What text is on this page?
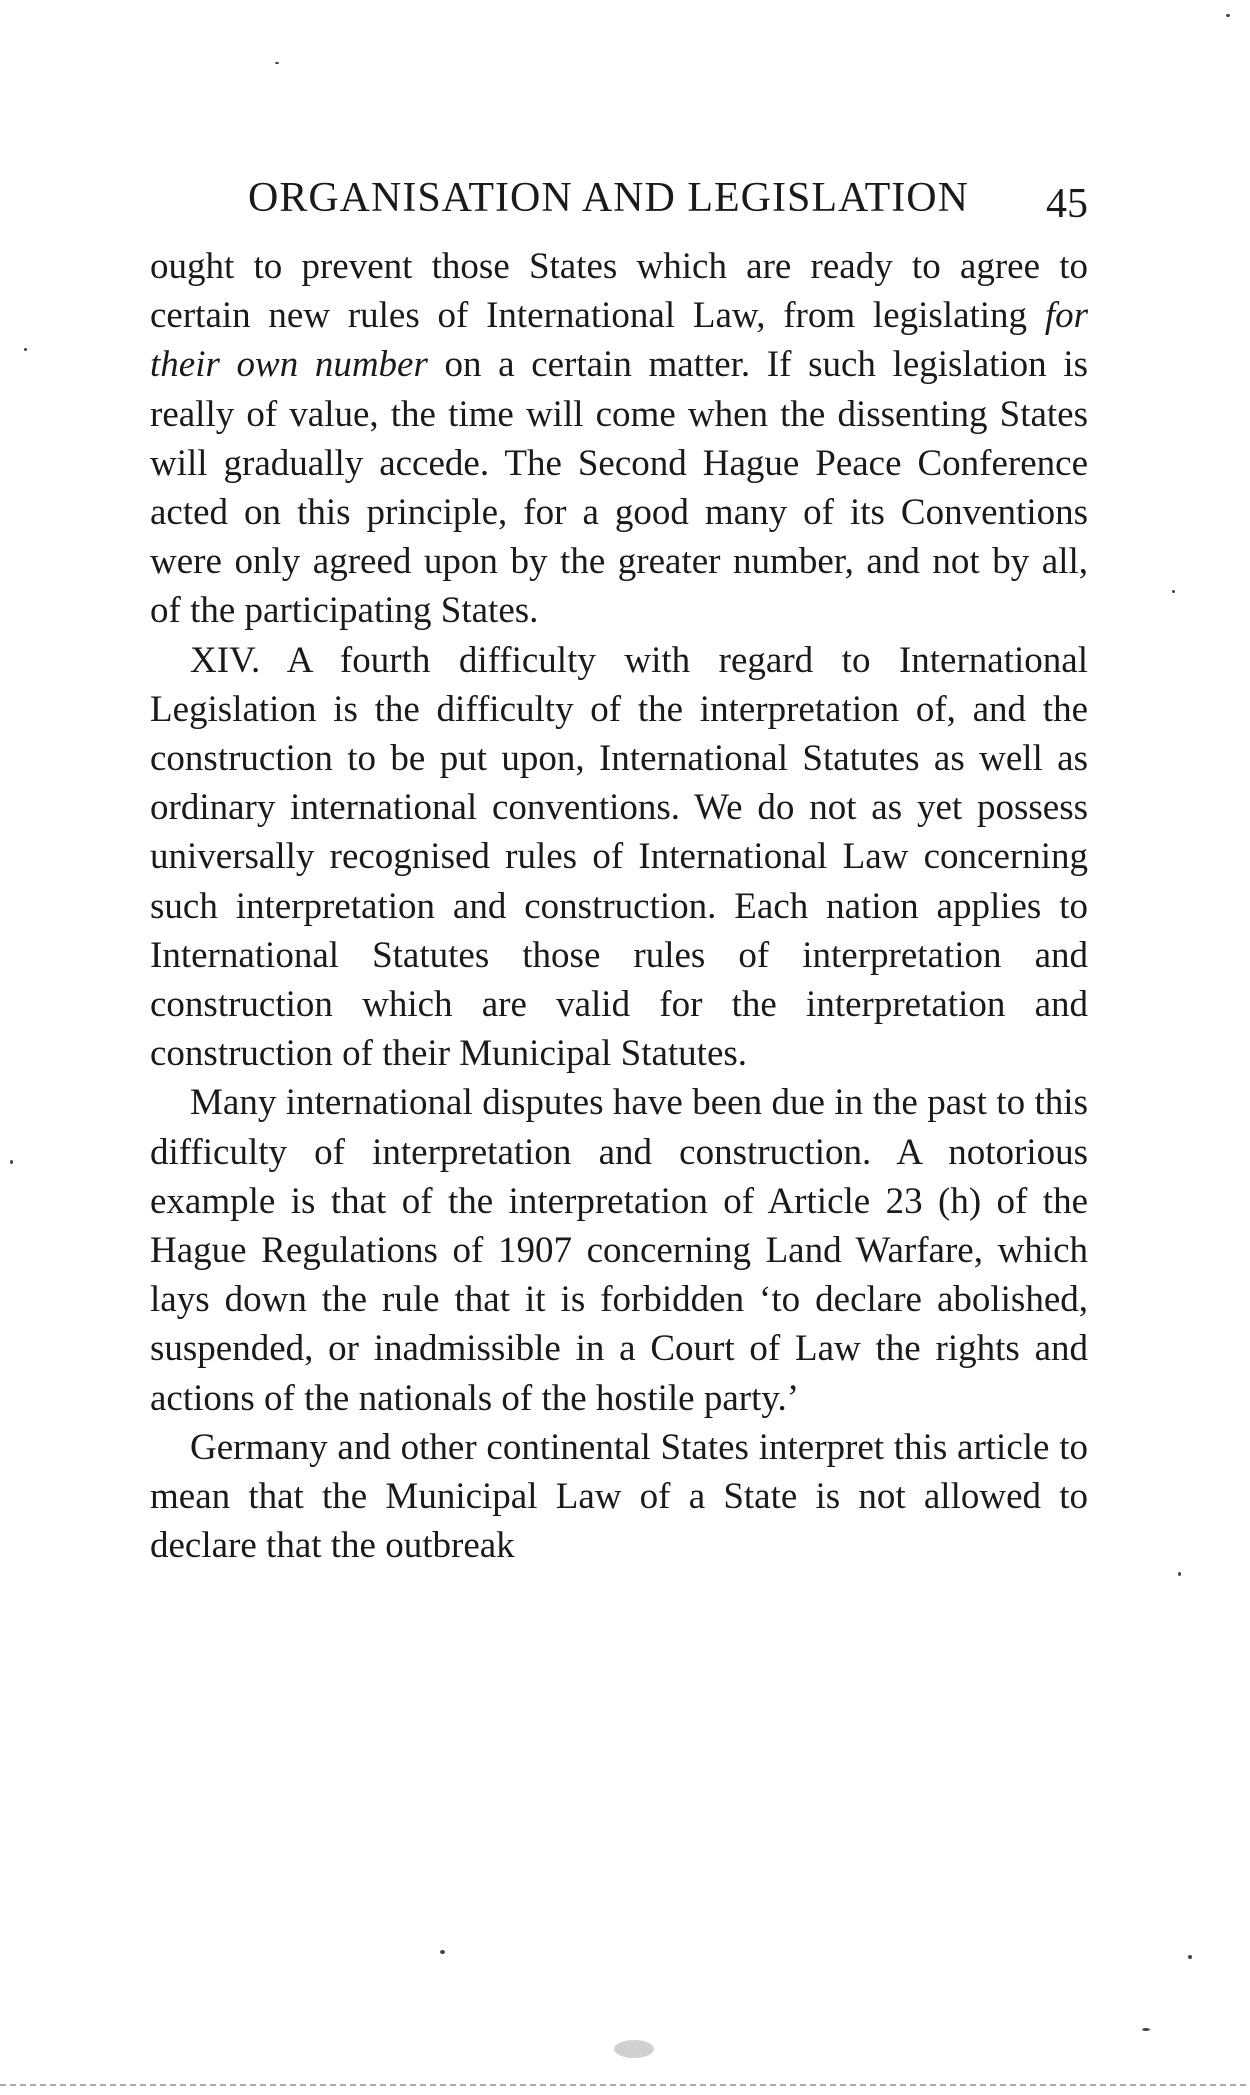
ORGANISATION AND LEGISLATION 45

ought to prevent those States which are ready to agree to certain new rules of International Law, from legislating for their own number on a certain matter. If such legislation is really of value, the time will come when the dissenting States will gradually accede. The Second Hague Peace Conference acted on this principle, for a good many of its Conventions were only agreed upon by the greater number, and not by all, of the participating States.

XIV. A fourth difficulty with regard to International Legislation is the difficulty of the interpretation of, and the construction to be put upon, International Statutes as well as ordinary international conventions. We do not as yet possess universally recognised rules of International Law concerning such interpretation and construction. Each nation applies to International Statutes those rules of interpretation and construction which are valid for the interpretation and construction of their Municipal Statutes.

Many international disputes have been due in the past to this difficulty of interpretation and construction. A notorious example is that of the interpretation of Article 23 (h) of the Hague Regulations of 1907 concerning Land Warfare, which lays down the rule that it is forbidden ‘to declare abolished, suspended, or inadmissible in a Court of Law the rights and actions of the nationals of the hostile party.’

Germany and other continental States interpret this article to mean that the Municipal Law of a State is not allowed to declare that the outbreak
